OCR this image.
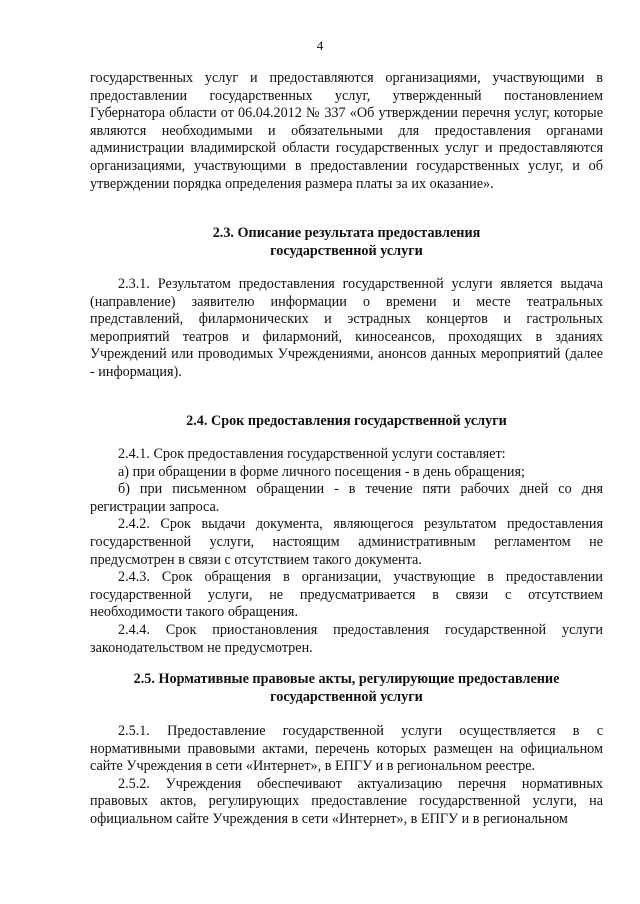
4

государственных услуг и предоставляются организациями, участвующими в предоставлении государственных услуг, утвержденный постановлением Губернатора области от 06.04.2012 № 337 «Об утверждении перечня услуг, которые являются необходимыми и обязательными для предоставления органами администрации владимирской области государственных услуг и предоставляются организациями, участвующими в предоставлении государственных услуг, и об утверждении порядка определения размера платы за их оказание».

2.3. Описание результата предоставления

государственной услуги

2.3.1. Результатом предоставления государственной услуги является выдача (направление) заявителю информации о времени и месте театральных представлений, филармонических и эстрадных концертов и гастрольных мероприятий театров и филармоний, киносеансов, проходящих в зданиях Учреждений или проводимых Учреждениями, анонсов данных мероприятий (далее - информация).

2.4. Срок предоставления государственной услуги

2.4.1. Срок предоставления государственной услуги составляет:

а) при обращении в форме личного посещения - в день обращения;

б) при письменном обращении - в течение пяти рабочих дней со дня регистрации запроса.

2.4.2. Срок выдачи документа, являющегося результатом предоставления государственной услуги, настоящим административным регламентом не предусмотрен в связи с отсутствием такого документа.

2.4.3. Срок обращения в организации, участвующие в предоставлении государственной услуги, не предусматривается в связи с отсутствием необходимости такого обращения.

2.4.4. Срок приостановления предоставления государственной услуги законодательством не предусмотрен.

2.5. Нормативные правовые акты, регулирующие предоставление

государственной услуги

2.5.1. Предоставление государственной услуги осуществляется в с нормативными правовыми актами, перечень которых размещен на официальном сайте Учреждения в сети «Интернет», в ЕПГУ и в региональном реестре.

2.5.2. Учреждения обеспечивают актуализацию перечня нормативных правовых актов, регулирующих предоставление государственной услуги, на официальном сайте Учреждения в сети «Интернет», в ЕПГУ и в региональном
